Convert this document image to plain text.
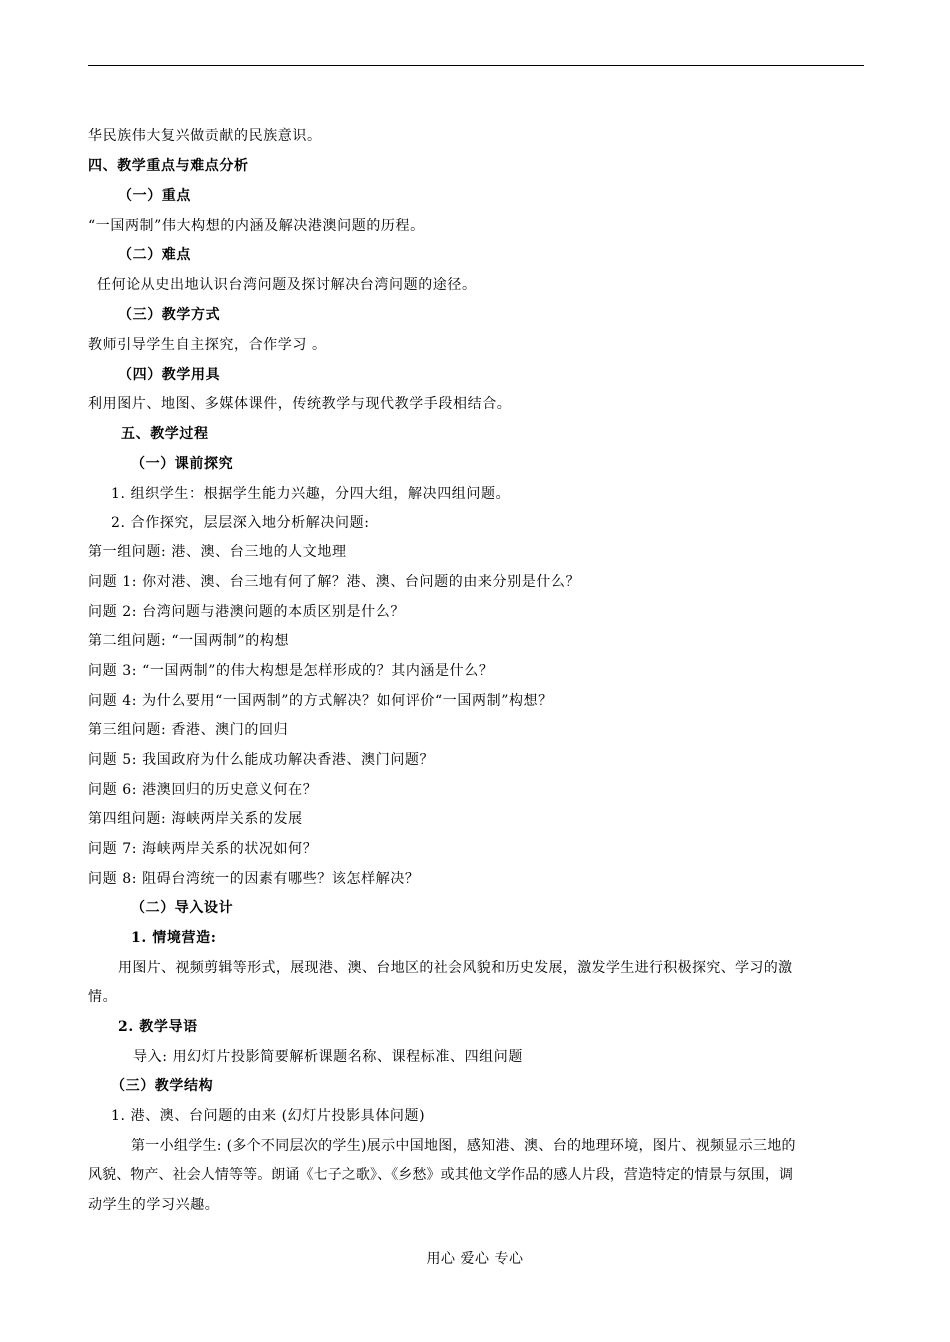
华民族伟大复兴做贡献的民族意识。
四、教学重点与难点分析
（一）重点
“一国两制”伟大构想的内涵及解决港澳问题的历程。
（二）难点
任何论从史出地认识台湾问题及探讨解决台湾问题的途径。
（三）教学方式
教师引导学生自主探究，合作学习 。
（四）教学用具
利用图片、地图、多媒体课件，传统教学与现代教学手段相结合。
五、教学过程
（一）课前探究
1. 组织学生：根据学生能力兴趣，分四大组，解决四组问题。
2. 合作探究，层层深入地分析解决问题:
第一组问题: 港、澳、台三地的人文地理
问题 1: 你对港、澳、台三地有何了解？港、澳、台问题的由来分别是什么？
问题 2: 台湾问题与港澳问题的本质区别是什么？
第二组问题: “一国两制”的构想
问题 3: “一国两制”的伟大构想是怎样形成的？其内涵是什么？
问题 4: 为什么要用“一国两制”的方式解决？如何评价“一国两制”构想？
第三组问题: 香港、澳门的回归
问题 5: 我国政府为什么能成功解决香港、澳门问题？
问题 6: 港澳回归的历史意义何在？
第四组问题: 海峡两岸关系的发展
问题 7: 海峡两岸关系的状况如何？
问题 8: 阻碍台湾统一的因素有哪些？该怎样解决？
（二）导入设计
1. 情境营造:
用图片、视频剪辑等形式，展现港、澳、台地区的社会风貌和历史发展，激发学生进行积极探究、学习的激
情。
2. 教学导语
导入: 用幻灯片投影简要解析课题名称、课程标准、四组问题
（三）教学结构
1. 港、澳、台问题的由来 (幻灯片投影具体问题)
第一小组学生: (多个不同层次的学生)展示中国地图，感知港、澳、台的地理环境，图片、视频显示三地的
风貌、物产、社会人情等等。朗诵《七子之歌》、《乡愁》或其他文学作品的感人片段，营造特定的情景与氛围，调
动学生的学习兴趣。
用心 爱心 专心
